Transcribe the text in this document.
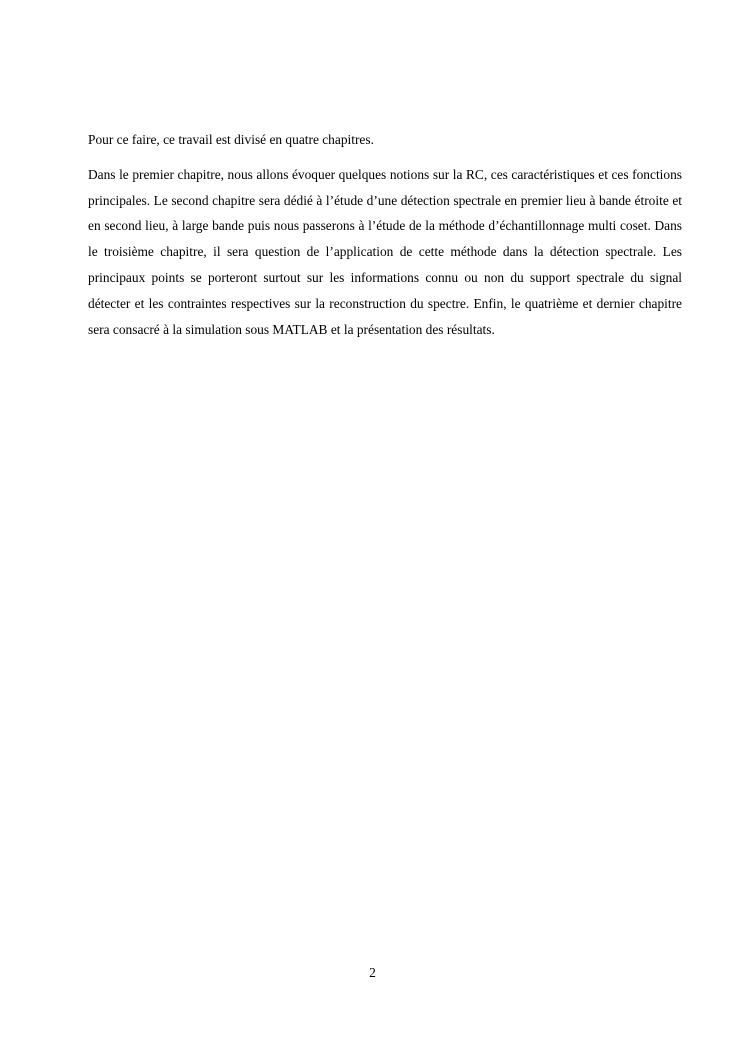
Pour ce faire, ce travail est divisé en quatre chapitres.

Dans le premier chapitre, nous allons évoquer quelques notions sur la RC, ces caractéristiques et ces fonctions principales. Le second chapitre sera dédié à l’étude d’une détection spectrale en premier lieu à bande étroite et en second lieu, à large bande puis nous passerons à l’étude de la méthode d’échantillonnage multi coset. Dans le troisième chapitre, il sera question de l’application de cette méthode dans la détection spectrale. Les principaux points se porteront surtout sur les informations connu ou non du support spectrale du signal détecter et les contraintes respectives sur la reconstruction du spectre. Enfin, le quatrième et dernier chapitre sera consacré à la simulation sous MATLAB et la présentation des résultats.

2
